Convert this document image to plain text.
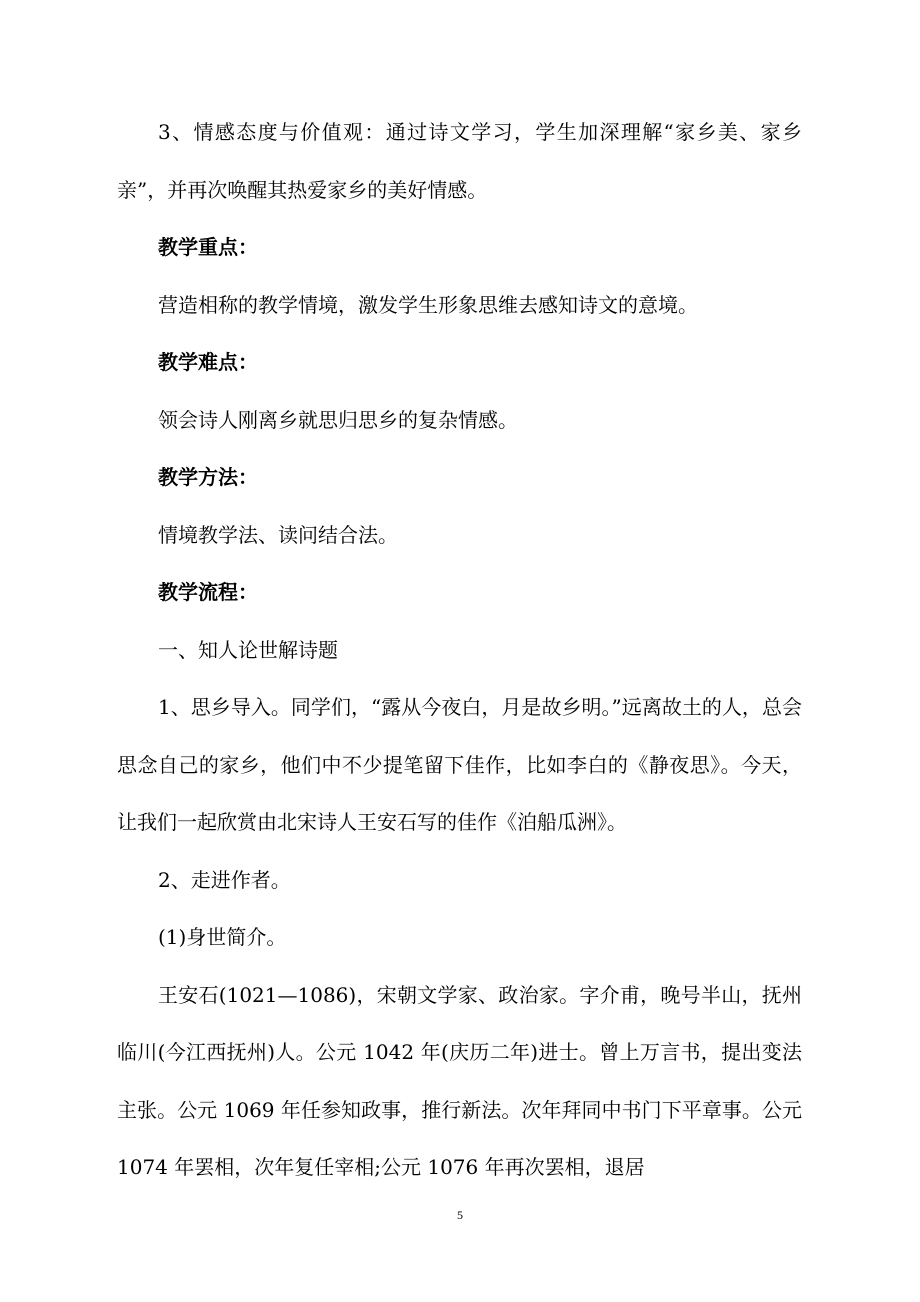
3、情感态度与价值观：通过诗文学习，学生加深理解“家乡美、家乡亲”，并再次唤醒其热爱家乡的美好情感。

教学重点：

营造相称的教学情境，激发学生形象思维去感知诗文的意境。

教学难点：

领会诗人刚离乡就思归思乡的复杂情感。

教学方法：

情境教学法、读问结合法。

教学流程：

一、知人论世解诗题

1、思乡导入。同学们，“露从今夜白，月是故乡明。”远离故土的人，总会思念自己的家乡，他们中不少提笔留下佳作，比如李白的《静夜思》。今天，让我们一起欣赏由北宋诗人王安石写的佳作《泊船瓜洲》。

2、走进作者。

(1)身世简介。

王安石(1021—1086)，宋朝文学家、政治家。字介甫，晚号半山，抚州临川(今江西抚州)人。公元 1042 年(庆历二年)进士。曾上万言书，提出变法主张。公元 1069 年任参知政事，推行新法。次年拜同中书门下平章事。公元 1074 年罢相，次年复任宰相;公元 1076 年再次罢相，退居

5
